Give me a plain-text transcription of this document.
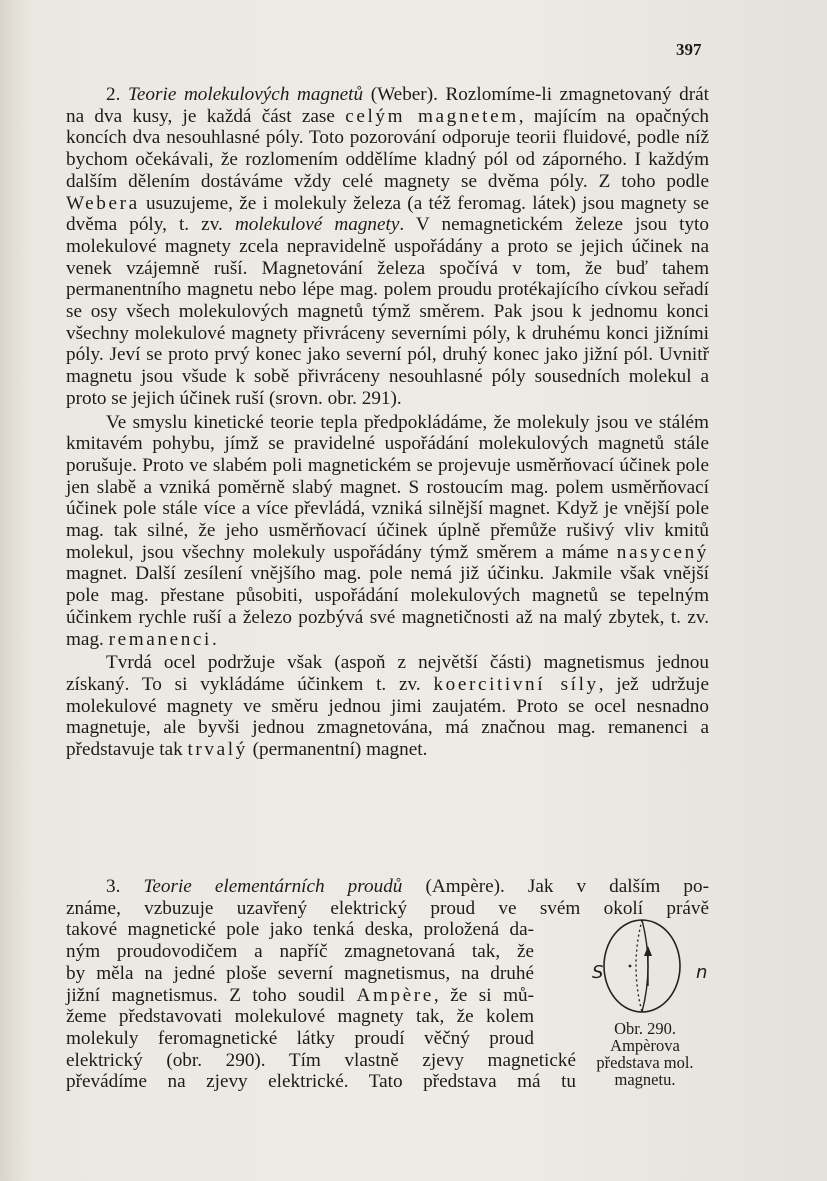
397

2. Teorie molekulových magnetů (Weber). Rozlomíme-li zmagnetovaný drát na dva kusy, je každá část zase celým magnetem, majícím na opačných koncích dva nesouhlasné póly. Toto pozorování odporuje teorii fluidové, podle níž bychom očekávali, že rozlomením oddělíme kladný pól od záporného. I každým dalším dělením dostáváme vždy celé magnety se dvěma póly. Z toho podle Webera usuzujeme, že i molekuly železa (a též feromag. látek) jsou magnety se dvěma póly, t. zv. molekulové magnety. V nemagnetickém železe jsou tyto molekulové magnety zcela nepravidelně uspořádány a proto se jejich účinek na venek vzájemně ruší. Magnetování železa spočívá v tom, že buď tahem permanentního magnetu nebo lépe mag. polem proudu protékajícího cívkou seřadí se osy všech molekulových magnetů týmž směrem. Pak jsou k jednomu konci všechny molekulové magnety přivráceny severními póly, k druhému konci jižními póly. Jeví se proto prvý konec jako severní pól, druhý konec jako jižní pól. Uvnitř magnetu jsou všude k sobě přivráceny nesouhlasné póly sousedních molekul a proto se jejich účinek ruší (srovn. obr. 291).

Ve smyslu kinetické teorie tepla předpokládáme, že molekuly jsou ve stálém kmitavém pohybu, jímž se pravidelné uspořádání molekulových magnetů stále porušuje. Proto ve slabém poli magnetickém se projevuje usměrňovací účinek pole jen slabě a vzniká poměrně slabý magnet. S rostoucím mag. polem usměrňovací účinek pole stále více a více převládá, vzniká silnější magnet. Když je vnější pole mag. tak silné, že jeho usměrňovací účinek úplně přemůže rušivý vliv kmitů molekul, jsou všechny molekuly uspořádány týmž směrem a máme nasycený magnet. Další zesílení vnějšího mag. pole nemá již účinku. Jakmile však vnější pole mag. přestane působiti, uspořádání molekulových magnetů se tepelným účinkem rychle ruší a železo pozbývá své magnetičnosti až na malý zbytek, t. zv. mag. remanenci.

Tvrdá ocel podržuje však (aspoň z největší části) magnetismus jednou získaný. To si vykládáme účinkem t. zv. koercitivní síly, jež udržuje molekulové magnety ve směru jednou jimi zaujatém. Proto se ocel nesnadno magnetuje, ale byvši jednou zmagnetována, má značnou mag. remanenci a představuje tak trvalý (permanentní) magnet.

3. Teorie elementárních proudů (Ampère). Jak v dalším po-
známe, vzbuzuje uzavřený elektrický proud ve svém okolí právě
takové magnetické pole jako tenká deska, proložená da-
ným proudovodičem a napříč zmagnetovaná tak, že
by měla na jedné ploše severní magnetismus, na druhé
jižní magnetismus. Z toho soudil Ampère, že si mů-
žeme představovati molekulové magnety tak, že kolem
molekuly feromagnetické látky proudí věčný proud
elektrický (obr. 290). Tím vlastně zjevy magnetické
převádíme na zjevy elektrické. Tato představa má tu
S	n
Obr. 290.
Ampèrova
představa mol.
magnetu.
